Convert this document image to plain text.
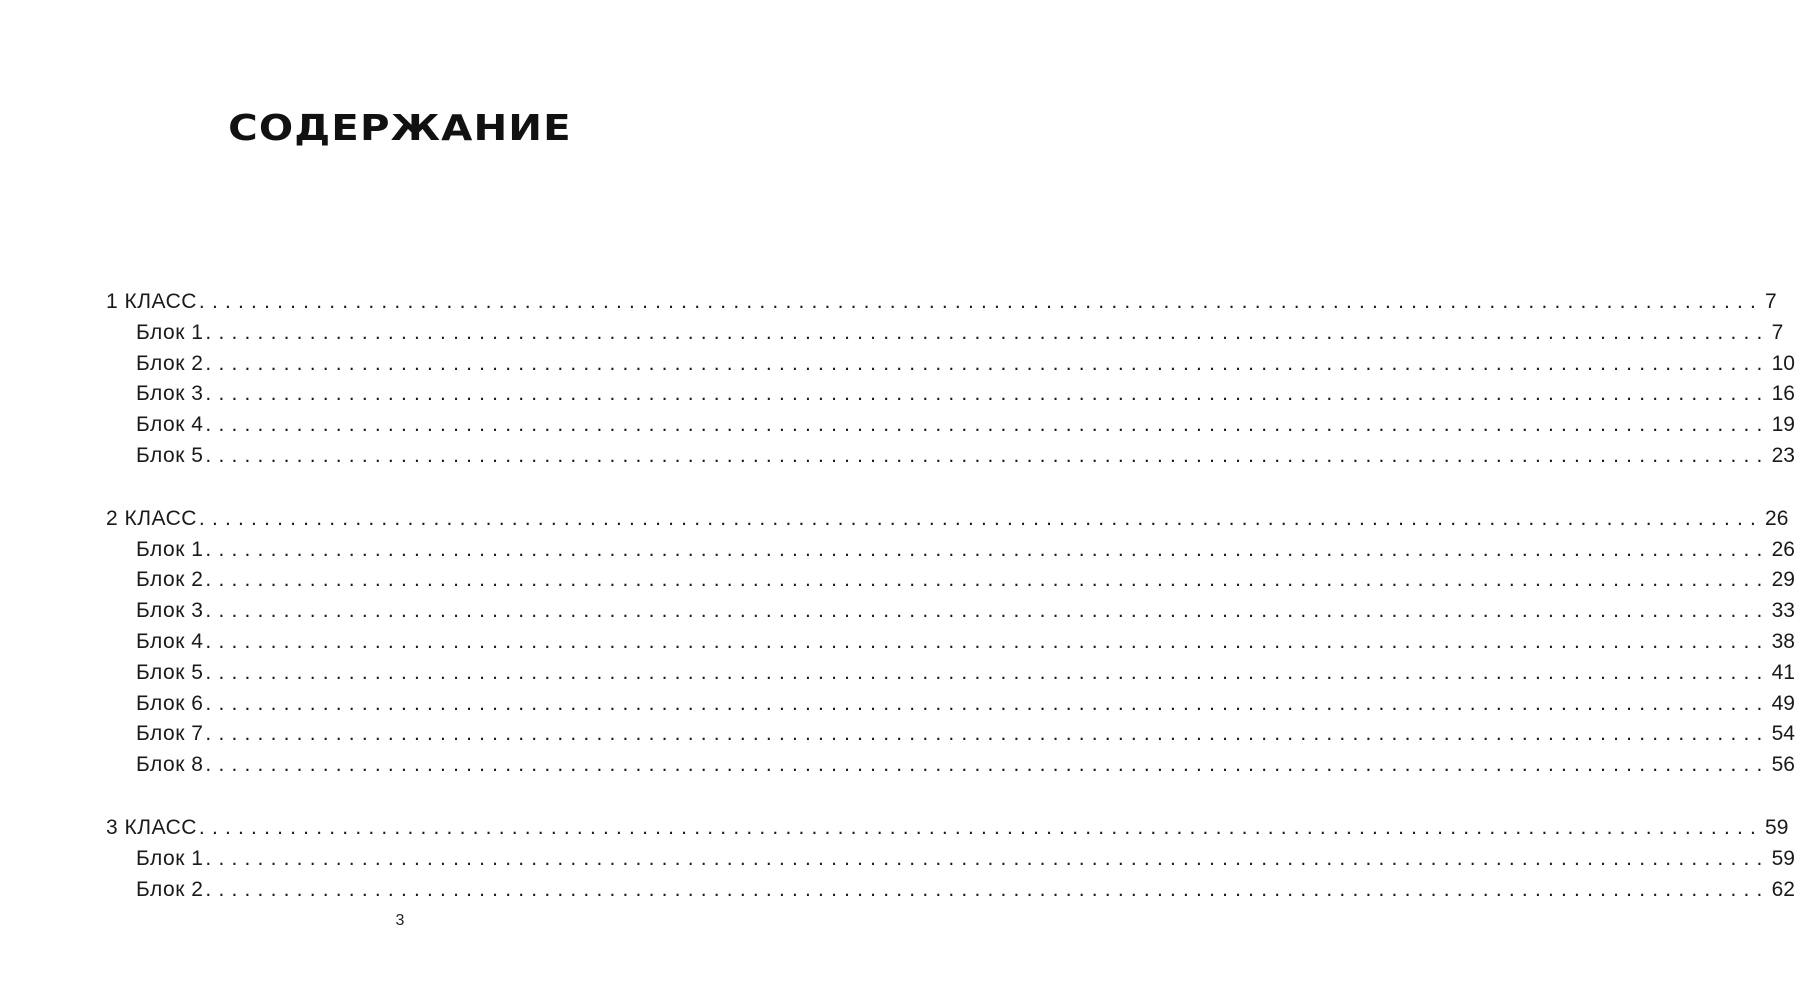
СОДЕРЖАНИЕ
1 КЛАСС ........................................................................................................................ 7
Блок 1 ........................................................................................................................ 7
Блок 2 ........................................................................................................................ 10
Блок 3 ........................................................................................................................ 16
Блок 4 ........................................................................................................................ 19
Блок 5 ........................................................................................................................ 23
2 КЛАСС ........................................................................................................................ 26
Блок 1 ........................................................................................................................ 26
Блок 2 ........................................................................................................................ 29
Блок 3 ........................................................................................................................ 33
Блок 4 ........................................................................................................................ 38
Блок 5 ........................................................................................................................ 41
Блок 6 ........................................................................................................................ 49
Блок 7 ........................................................................................................................ 54
Блок 8 ........................................................................................................................ 56
3 КЛАСС ........................................................................................................................ 59
Блок 1 ........................................................................................................................ 59
Блок 2 ........................................................................................................................ 62
3
